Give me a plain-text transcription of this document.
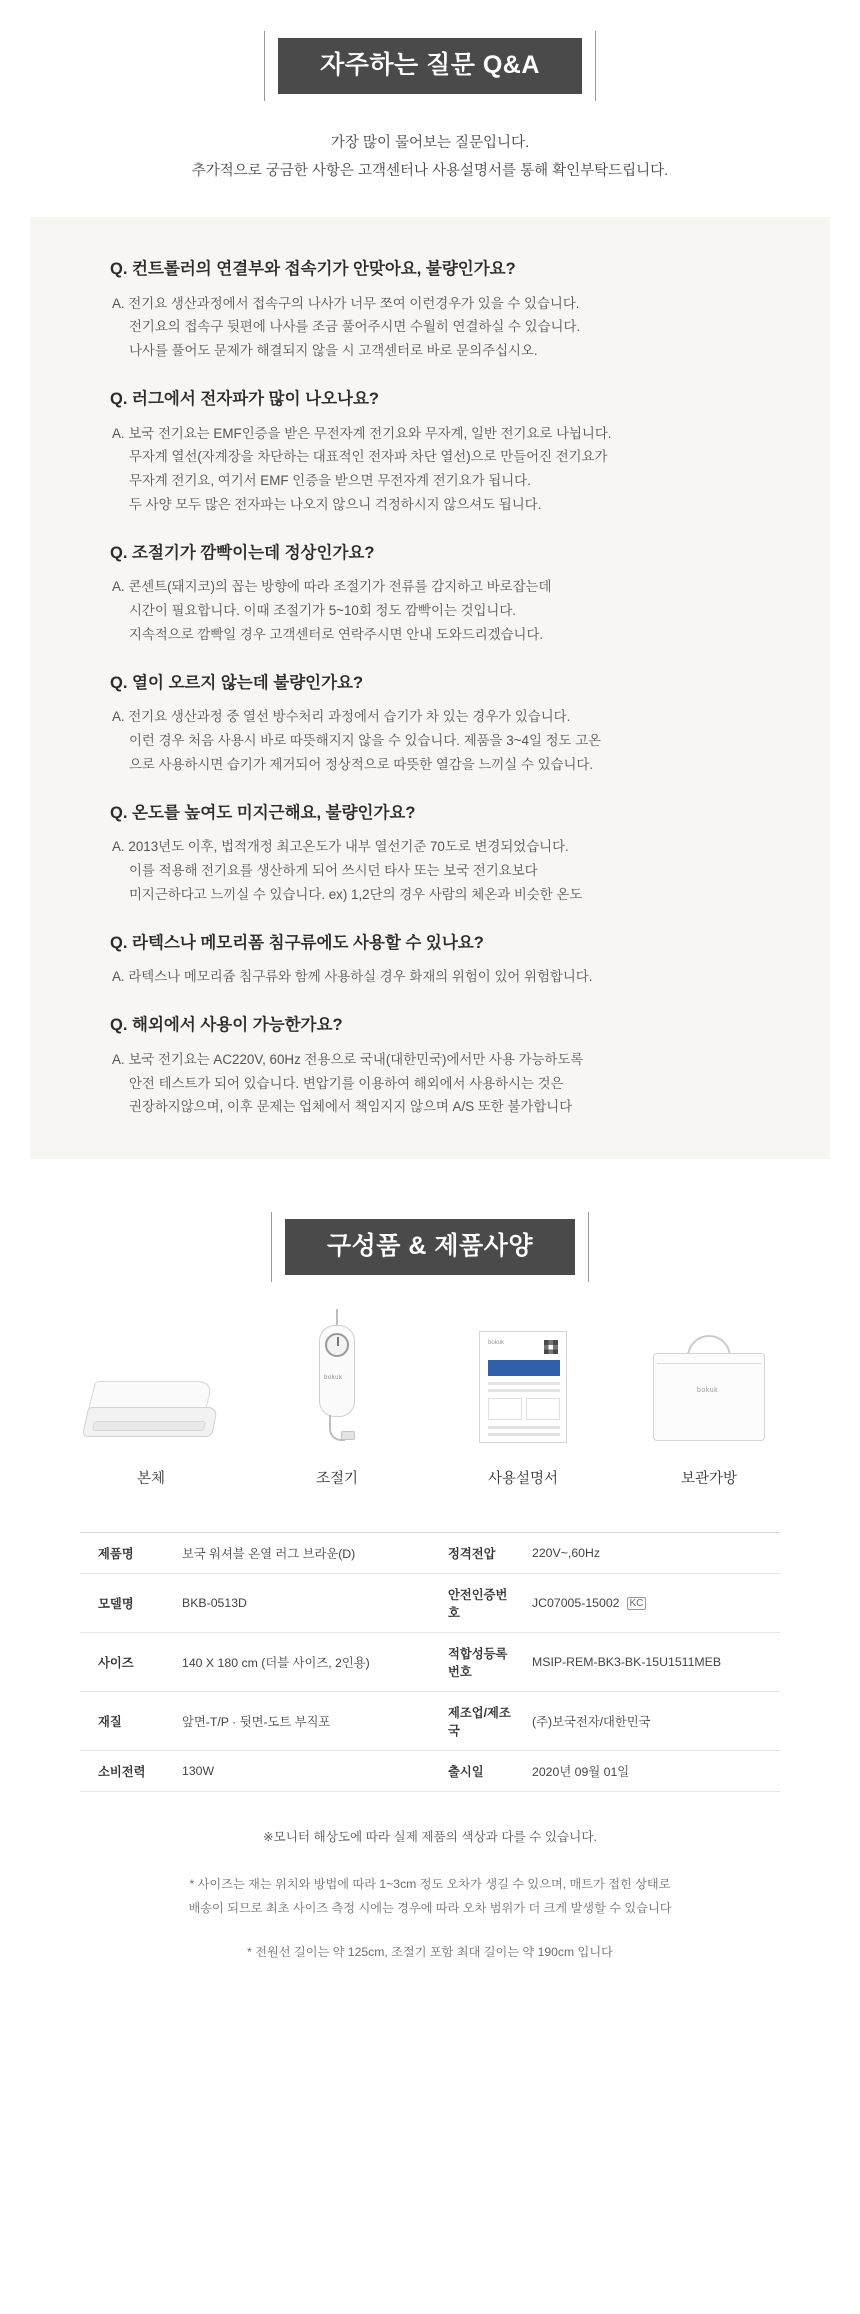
자주하는 질문 Q&A
가장 많이 물어보는 질문입니다.
추가적으로 궁금한 사항은 고객센터나 사용설명서를 통해 확인부탁드립니다.

Q. 컨트롤러의 연결부와 접속기가 안맞아요, 불량인가요?

A. 전기요 생산과정에서 접속구의 나사가 너무 쪼여 이런경우가 있을 수 있습니다.
전기요의 접속구 뒷편에 나사를 조금 풀어주시면 수월히 연결하실 수 있습니다.
나사를 풀어도 문제가 해결되지 않을 시 고객센터로 바로 문의주십시오.

Q. 러그에서 전자파가 많이 나오나요?

A. 보국 전기요는 EMF인증을 받은 무전자계 전기요와 무자계, 일반 전기요로 나뉩니다.
무자계 열선(자계장을 차단하는 대표적인 전자파 차단 열선)으로 만들어진 전기요가
무자계 전기요, 여기서 EMF 인증을 받으면 무전자계 전기요가 됩니다.
두 사양 모두 많은 전자파는 나오지 않으니 걱정하시지 않으셔도 됩니다.

Q. 조절기가 깜빡이는데 정상인가요?

A. 콘센트(돼지코)의 꼽는 방향에 따라 조절기가 전류를 감지하고 바로잡는데
시간이 필요합니다. 이때 조절기가 5~10회 정도 깜빡이는 것입니다.
지속적으로 깜빡일 경우 고객센터로 연락주시면 안내 도와드리겠습니다.

Q. 열이 오르지 않는데 불량인가요?

A. 전기요 생산과정 중 열선 방수처리 과정에서 습기가 차 있는 경우가 있습니다.
이런 경우 처음 사용시 바로 따뜻해지지 않을 수 있습니다. 제품을 3~4일 정도 고온
으로 사용하시면 습기가 제거되어 정상적으로 따뜻한 열감을 느끼실 수 있습니다.

Q. 온도를 높여도 미지근해요, 불량인가요?

A. 2013년도 이후, 법적개정 최고온도가 내부 열선기준 70도로 변경되었습니다.
이를 적용해 전기요를 생산하게 되어 쓰시던 타사 또는 보국 전기요보다
미지근하다고 느끼실 수 있습니다. ex) 1,2단의 경우 사람의 체온과 비슷한 온도

Q. 라텍스나 메모리폼 침구류에도 사용할 수 있나요?

A. 라텍스나 메모리쥼 침구류와 함께 사용하실 경우 화재의 위험이 있어 위험합니다.

Q. 해외에서 사용이 가능한가요?

A. 보국 전기요는 AC220V, 60Hz 전용으로 국내(대한민국)에서만 사용 가능하도록
안전 테스트가 되어 있습니다. 변압기를 이용하여 해외에서 사용하시는 것은
권장하지않으며, 이후 문제는 업체에서 책임지지 않으며 A/S 또한 불가합니다

구성품 & 제품사양
본체
bokuk
조절기
bokuk
사용설명서
bokuk
보관가방
제품명	보국 워셔블 온열 러그 브라운(D)	정격전압	220V~,60Hz
모델명	BKB-0513D	안전인증번호	JC07005-15002 KC
사이즈	140 X 180 cm (더블 사이즈, 2인용)	적합성등록번호	MSIP-REM-BK3-BK-15U1511MEB
재질	앞면-T/P · 뒷면-도트 부직포	제조업/제조국	(주)보국전자/대한민국
소비전력	130W	출시일	2020년 09월 01일
※모니터 해상도에 따라 실제 제품의 색상과 다를 수 있습니다.
* 사이즈는 재는 위치와 방법에 따라 1~3cm 정도 오차가 생길 수 있으며, 매트가 접힌 상태로
배송이 되므로 최초 사이즈 측정 시에는 경우에 따라 오차 범위가 더 크게 발생할 수 있습니다
* 전원선 길이는 약 125cm, 조절기 포함 최대 길이는 약 190cm 입니다
